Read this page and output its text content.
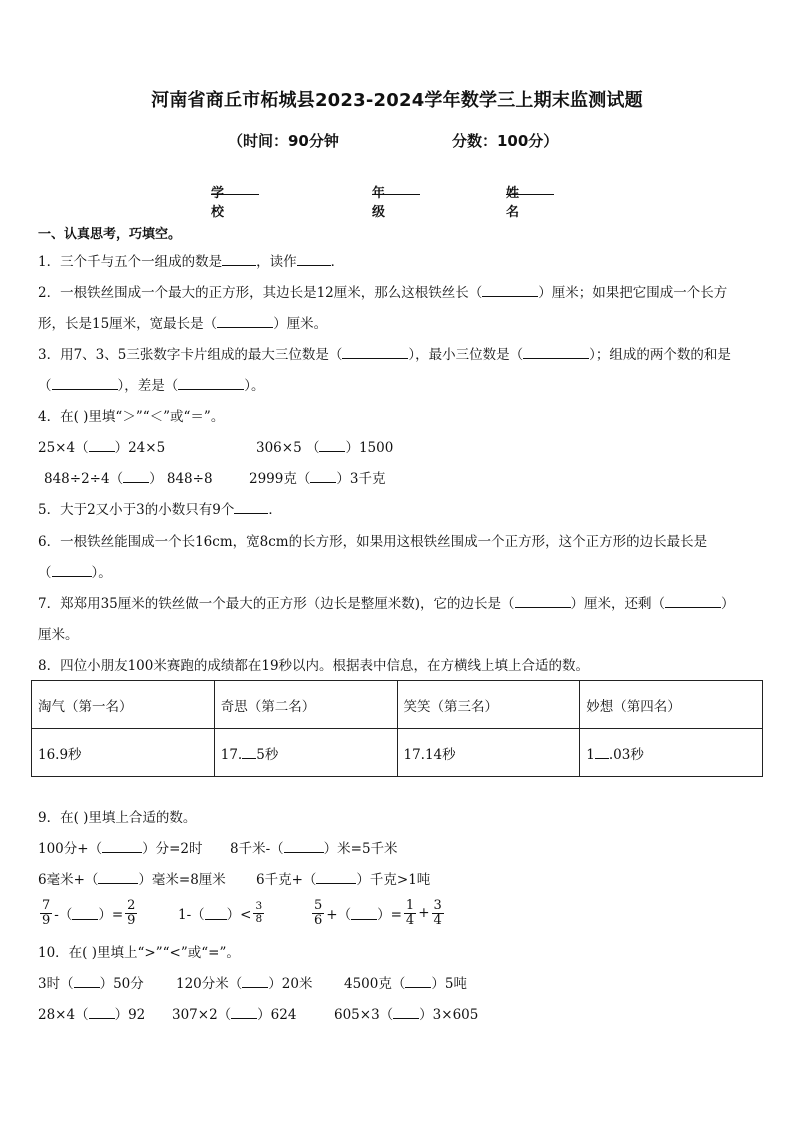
河南省商丘市柘城县2023-2024学年数学三上期末监测试题
（时间：90分钟	分数：100分）
学校
年级
姓名
一、认真思考，巧填空。
1．三个千与五个一组成的数是	，读作	．
2．一根铁丝围成一个最大的正方形，其边长是12厘米，那么这根铁丝长（	）厘米；如果把它围成一个长方
形，长是15厘米，宽最长是（	）厘米。
3．用7、3、5三张数字卡片组成的最大三位数是（	），最小三位数是（	）；组成的两个数的和是
（	），差是（	）。
4．在( )里填“＞”“＜”或“＝”。
25×4（ ）24×5	306×5 （ ）1500
848÷2÷4（ ） 848÷8	2999克（ ）3千克
5．大于2又小于3的小数只有9个	．
6．一根铁丝能围成一个长16cm，宽8cm的长方形，如果用这根铁丝围成一个正方形，这个正方形的边长最长是
（	）。
7．郑郑用35厘米的铁丝做一个最大的正方形（边长是整厘米数)，它的边长是（	）厘米，还剩（	）
厘米。
8．四位小朋友100米赛跑的成绩都在19秒以内。根据表中信息，在方横线上填上合适的数。
淘气（第一名）	奇思（第二名）	笑笑（第三名）	妙想（第四名）
16.9秒	17. 5秒	17.14秒	1 .03秒
9．在( )里填上合适的数。
100分+（	）分=2时 8千米-（	）米=5千米
6毫米+（	）毫米=8厘米 6千克+（	）千克>1吨
$\frac{7}{9}$ -（ ）= $\frac{2}{9}$	1-（ ）< $\frac{3}{8}$	$\frac{5}{6}$ +（ ）= $\frac{1}{4} + \frac{3}{4}$
10．在( )里填上“>”“<”或“=”。
3时（ ）50分 120分米（ ）20米 4500克（ ）5吨
28×4（ ）92 307×2（ ）624	605×3（ ）3×605
